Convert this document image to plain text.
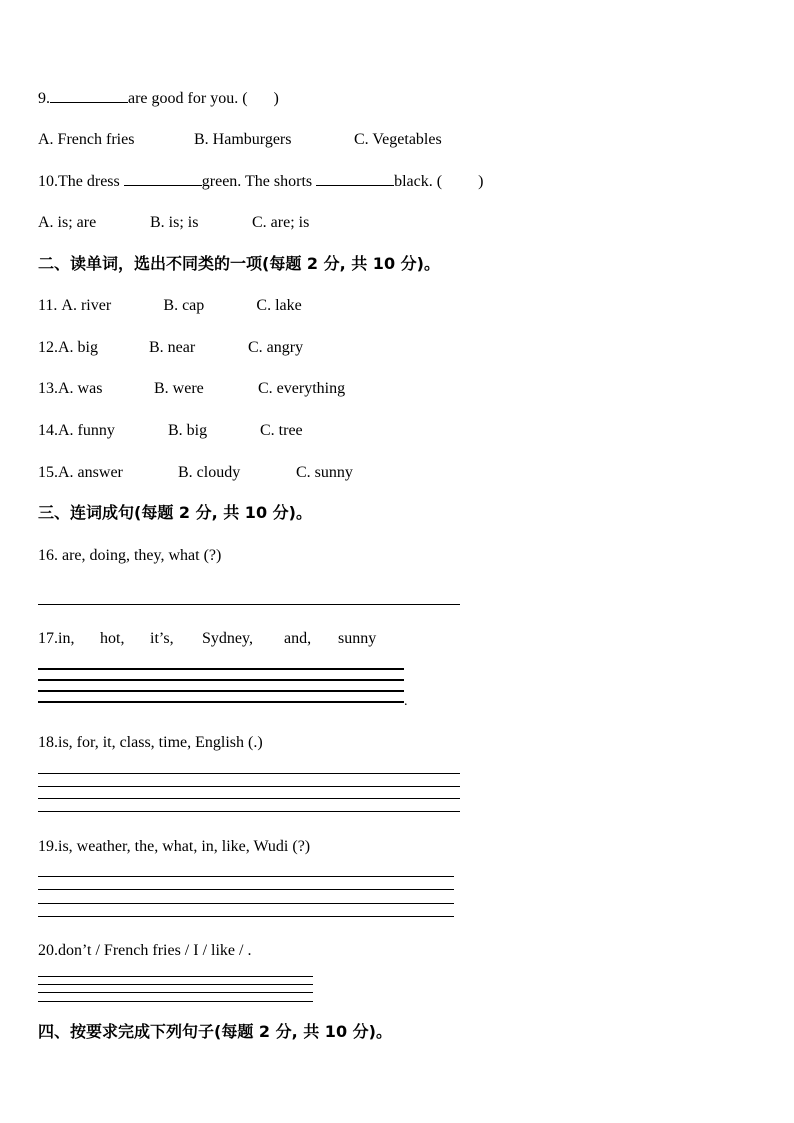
9.	are good for you. ( )
A. French fries	B. Hamburgers	C. Vegetables
10.The dress	green. The shorts	black. ( )
A. is; are	B. is; is	C. are; is
二、读单词，选出不同类的一项(每题 2 分, 共 10 分)。
11. A. river	B. cap	C. lake
12.A. big	B. near	C. angry
13.A. was	B. were	C. everything
14.A. funny	B. big	C. tree
15.A. answer	B. cloudy	C. sunny
三、连词成句(每题 2 分, 共 10 分)。
16. are, doing, they, what (?)
17.in, hot, it’s, Sydney, and, sunny
.
18.is, for, it, class, time, English (.)
19.is, weather, the, what, in, like, Wudi (?)
20.don’t / French fries / I / like / .
四、按要求完成下列句子(每题 2 分, 共 10 分)。
